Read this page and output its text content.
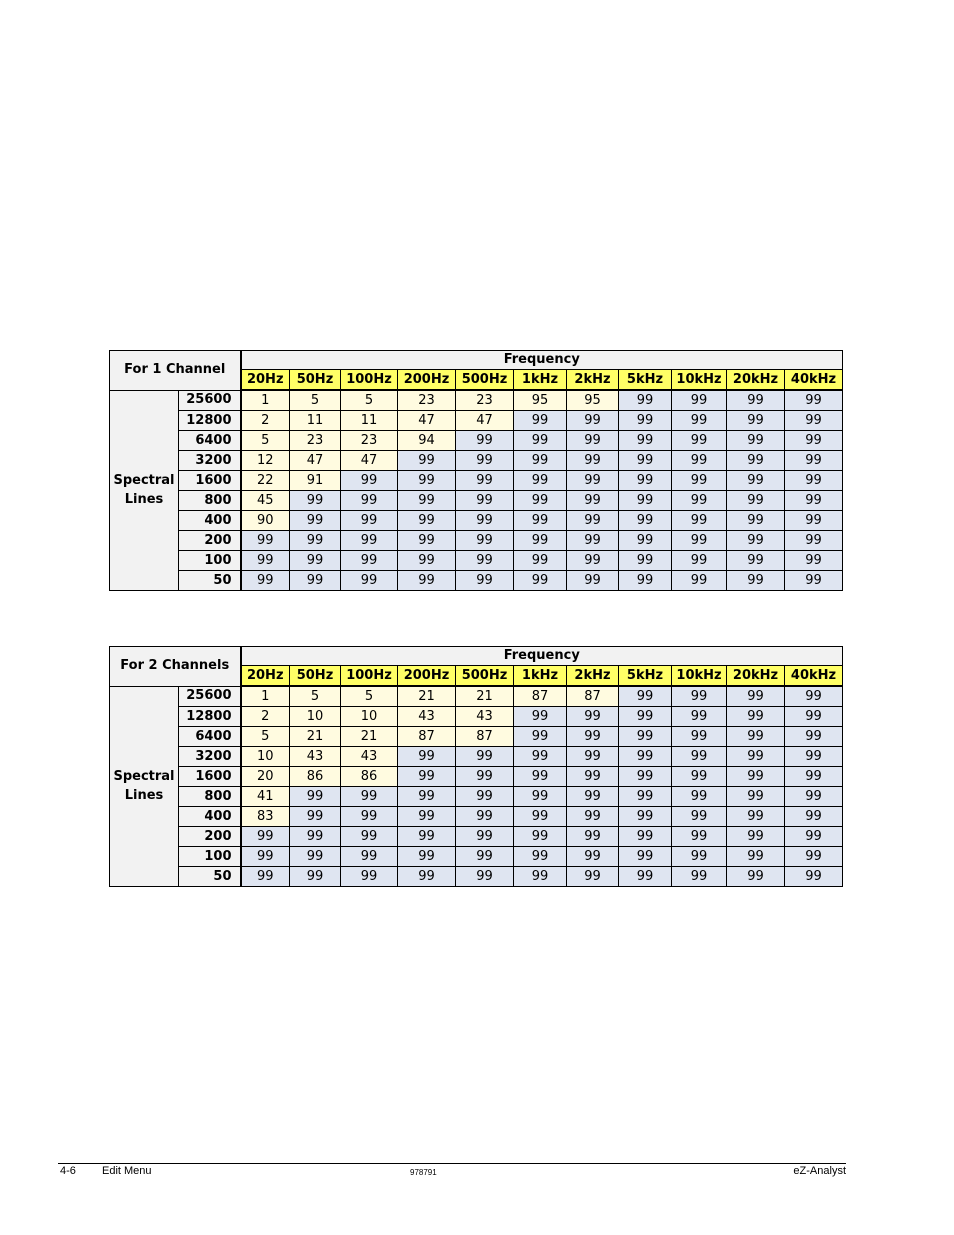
For 1 Channel		Frequency										
		20Hz	50Hz	100Hz	200Hz	500Hz	1kHz	2kHz	5kHz	10kHz	20kHz	40kHz

Spectral
Lines	25600	1	5	5	23	23	95	95	99	99	99	99
	12800	2	11	11	47	47	99	99	99	99	99	99
	6400	5	23	23	94	99	99	99	99	99	99	99
	3200	12	47	47	99	99	99	99	99	99	99	99
	1600	22	91	99	99	99	99	99	99	99	99	99
	800	45	99	99	99	99	99	99	99	99	99	99
	400	90	99	99	99	99	99	99	99	99	99	99
	200	99	99	99	99	99	99	99	99	99	99	99
	100	99	99	99	99	99	99	99	99	99	99	99
	50	99	99	99	99	99	99	99	99	99	99	99
For 2 Channels		Frequency										
		20Hz	50Hz	100Hz	200Hz	500Hz	1kHz	2kHz	5kHz	10kHz	20kHz	40kHz

Spectral
Lines	25600	1	5	5	21	21	87	87	99	99	99	99
	12800	2	10	10	43	43	99	99	99	99	99	99
	6400	5	21	21	87	87	99	99	99	99	99	99
	3200	10	43	43	99	99	99	99	99	99	99	99
	1600	20	86	86	99	99	99	99	99	99	99	99
	800	41	99	99	99	99	99	99	99	99	99	99
	400	83	99	99	99	99	99	99	99	99	99	99
	200	99	99	99	99	99	99	99	99	99	99	99
	100	99	99	99	99	99	99	99	99	99	99	99
	50	99	99	99	99	99	99	99	99	99	99	99
4-6 Edit Menu	978791	eZ-Analyst
